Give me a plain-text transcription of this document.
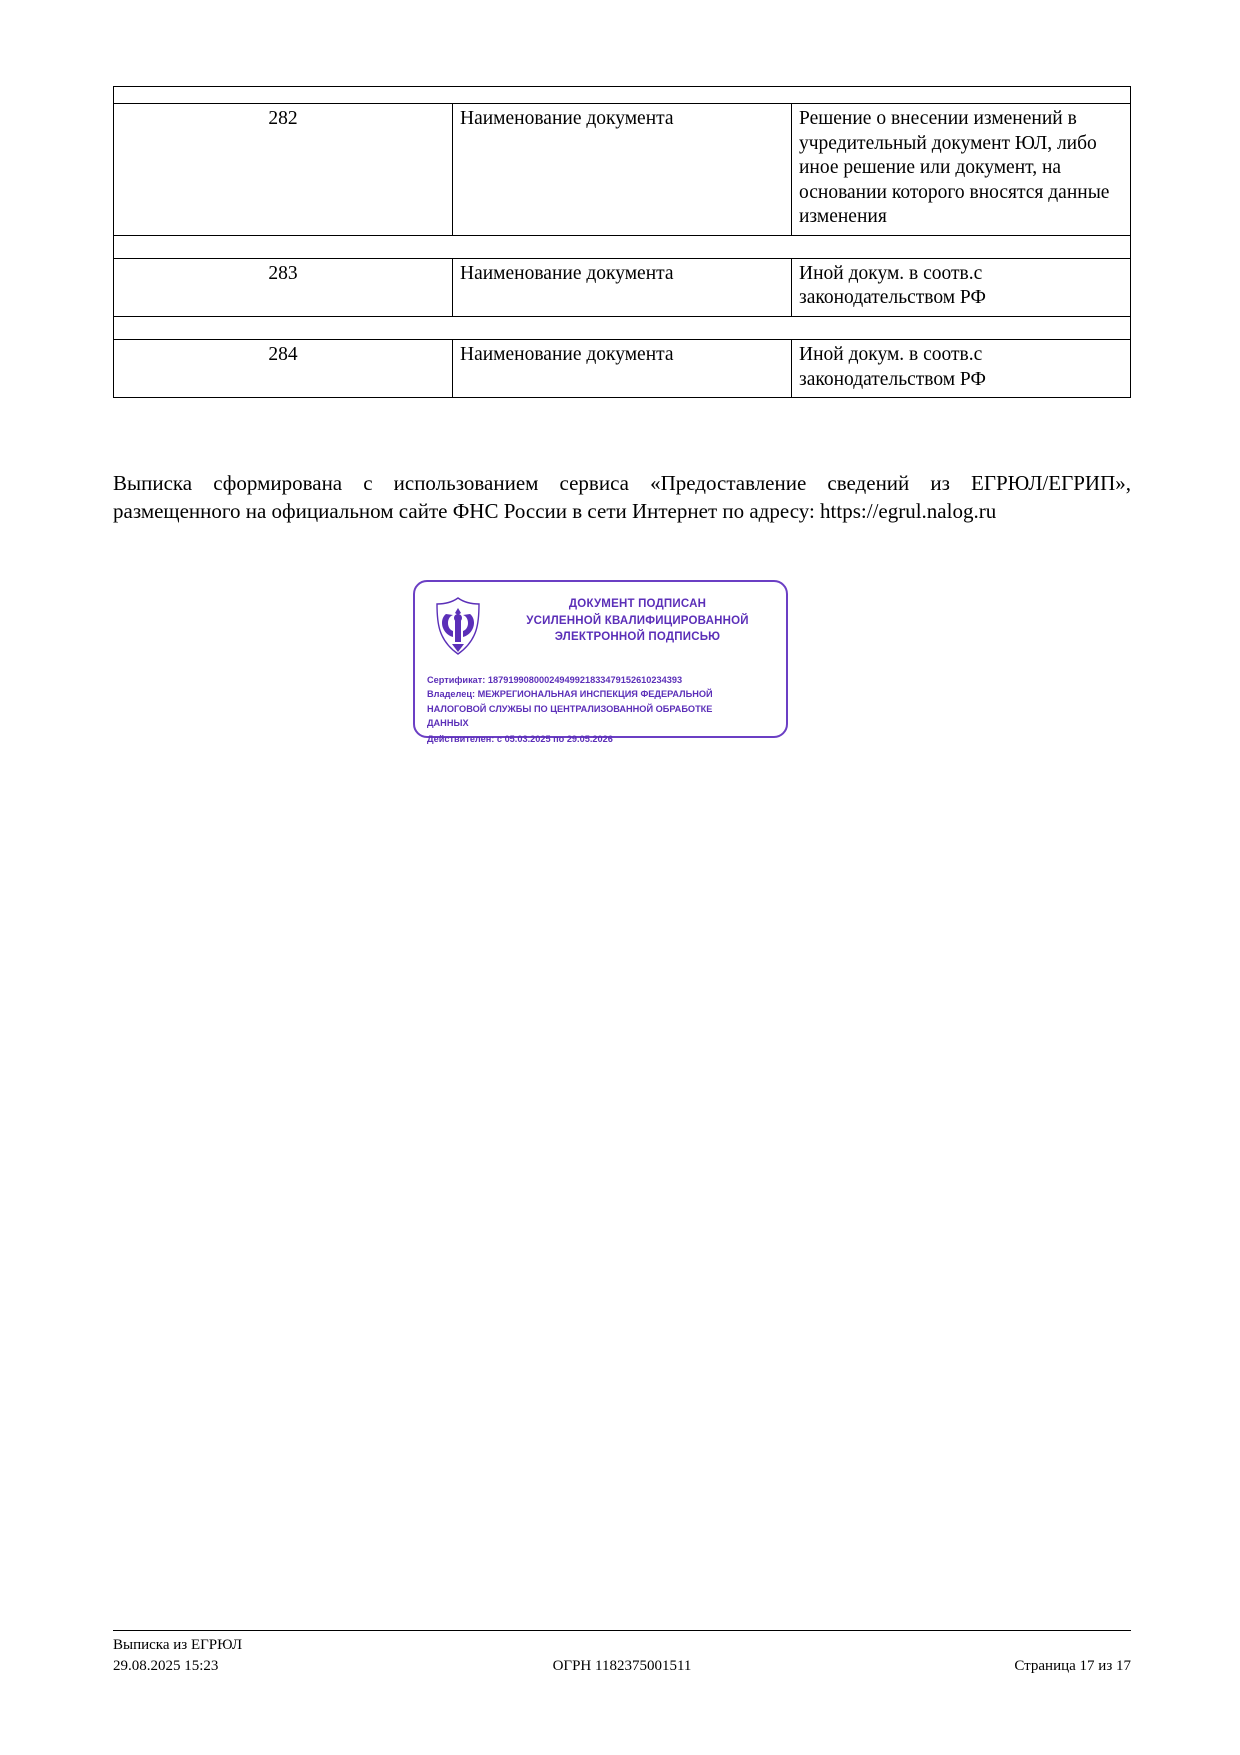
282	Наименование документа	Решение о внесении изменений в учредительный документ ЮЛ, либо иное решение или документ, на основании которого вносятся данные изменения

283	Наименование документа	Иной докум. в соотв.с законодательством РФ

284	Наименование документа	Иной докум. в соотв.с законодательством РФ
Выписка сформирована с использованием сервиса «Предоставление сведений из ЕГРЮЛ/ЕГРИП», размещенного на официальном сайте ФНС России в сети Интернет по адресу: https://egrul.nalog.ru
ДОКУМЕНТ ПОДПИСАН
УСИЛЕННОЙ КВАЛИФИЦИРОВАННОЙ
ЭЛЕКТРОННОЙ ПОДПИСЬЮ
Сертификат: 18791990800024949921833479152610234393
Владелец: МЕЖРЕГИОНАЛЬНАЯ ИНСПЕКЦИЯ ФЕДЕРАЛЬНОЙ
НАЛОГОВОЙ СЛУЖБЫ ПО ЦЕНТРАЛИЗОВАННОЙ ОБРАБОТКЕ
ДАННЫХ
Действителен: с 05.03.2025 по 29.05.2026
Выписка из ЕГРЮЛ
29.08.2025 15:23	ОГРН 1182375001511	Страница 17 из 17
